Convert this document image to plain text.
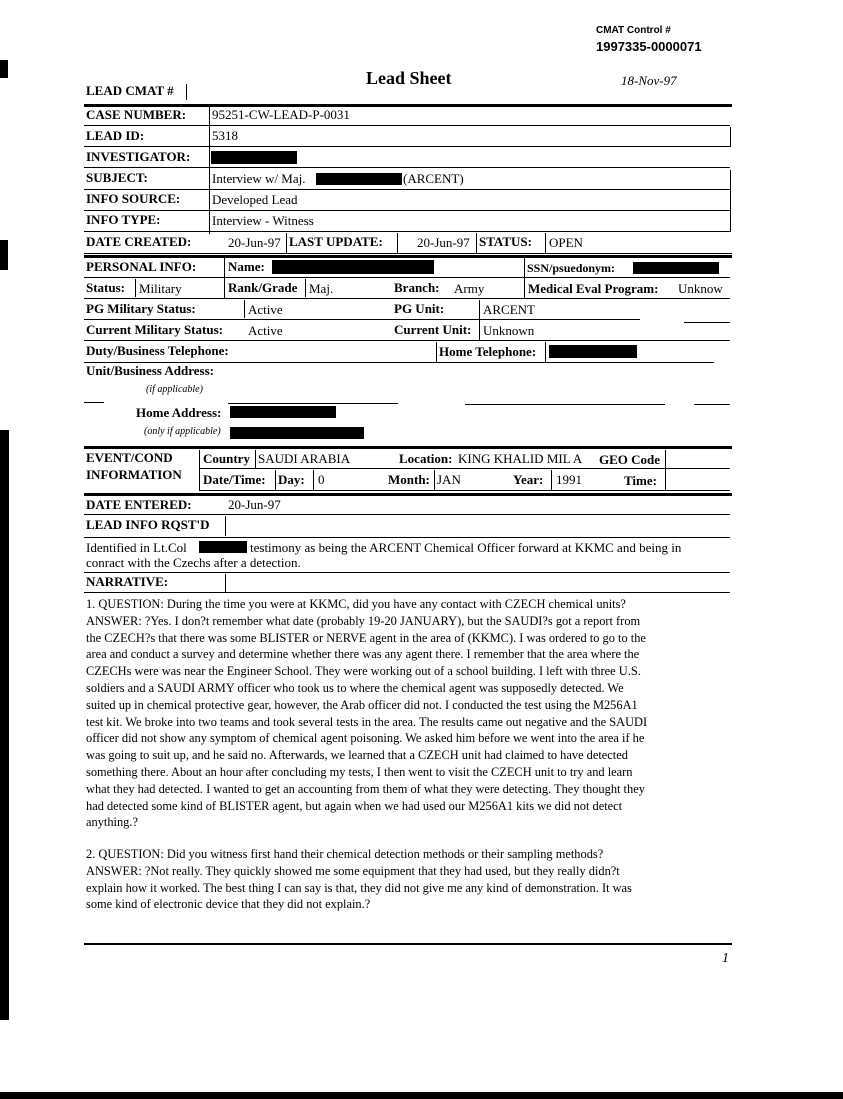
CMAT Control #
1997335-0000071
Lead Sheet	18-Nov-97
LEAD CMAT #
CASE NUMBER: 95251-CW-LEAD-P-0031
LEAD ID:	5318
INVESTIGATOR:
SUBJECT:	Interview w/ Maj.	(ARCENT)
INFO SOURCE: Developed Lead
INFO TYPE:	Interview - Witness
DATE CREATED:	20-Jun-97 LAST UPDATE:	20-Jun-97 STATUS: OPEN
PERSONAL INFO: Name:	SSN/psuedonym:
Status: Military	Rank/Grade Maj.	Branch: Army	Medical Eval Program: Unknow
PG Military Status:	Active	PG Unit:	ARCENT
Current Military Status: Active	Current Unit: Unknown
Duty/Business Telephone:	Home Telephone:
Unit/Business Address:
(if applicable)
Home Address:
(only if applicable)
EVENT/COND
INFORMATION
Country SAUDI ARABIA	Location: KING KHALID MIL A GEO Code
Date/Time: Day: 0	Month: JAN	Year: 1991	Time:
DATE ENTERED:	20-Jun-97
LEAD INFO RQST'D
Identified in Lt.Col	testimony as being the ARCENT Chemical Officer forward at KKMC and being in
conract with the Czechs after a detection.
NARRATIVE:
1. QUESTION: During the time you were at KKMC, did you have any contact with CZECH chemical units?
ANSWER: ?Yes. I don?t remember what date (probably 19-20 JANUARY), but the SAUDI?s got a report from
the CZECH?s that there was some BLISTER or NERVE agent in the area of (KKMC). I was ordered to go to the
area and conduct a survey and determine whether there was any agent there. I remember that the area where the
CZECHs were was near the Engineer School. They were working out of a school building. I left with three U.S.
soldiers and a SAUDI ARMY officer who took us to where the chemical agent was supposedly detected. We
suited up in chemical protective gear, however, the Arab officer did not. I conducted the test using the M256A1
test kit. We broke into two teams and took several tests in the area. The results came out negative and the SAUDI
officer did not show any symptom of chemical agent poisoning. We asked him before we went into the area if he
was going to suit up, and he said no. Afterwards, we learned that a CZECH unit had claimed to have detected
something there. About an hour after concluding my tests, I then went to visit the CZECH unit to try and learn
what they had detected. I wanted to get an accounting from them of what they were detecting. They thought they
had detected some kind of BLISTER agent, but again when we had used our M256A1 kits we did not detect
anything.?
2. QUESTION: Did you witness first hand their chemical detection methods or their sampling methods?
ANSWER: ?Not really. They quickly showed me some equipment that they had used, but they really didn?t
explain how it worked. The best thing I can say is that, they did not give me any kind of demonstration. It was
some kind of electronic device that they did not explain.?
1
